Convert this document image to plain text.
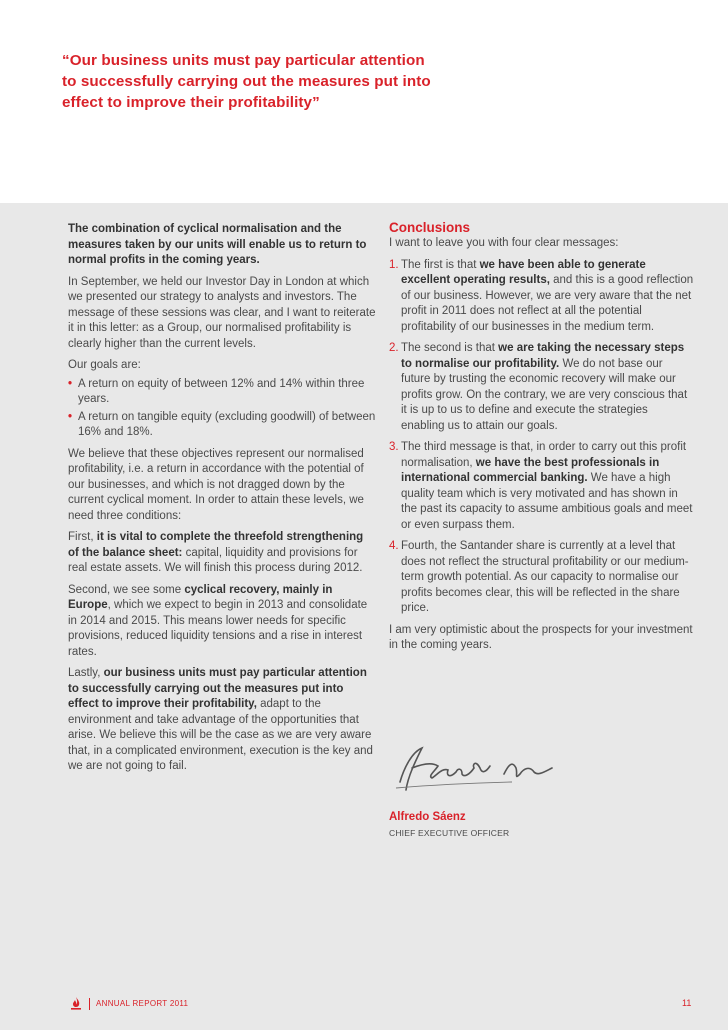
“Our business units must pay particular attention
to successfully carrying out the measures put into
effect to improve their profitability”

The combination of cyclical normalisation and the measures taken by our units will enable us to return to normal profits in the coming years.

In September, we held our Investor Day in London at which we presented our strategy to analysts and investors. The message of these sessions was clear, and I want to reiterate it in this letter: as a Group, our normalised profitability is clearly higher than the current levels.

Our goals are:

• A return on equity of between 12% and 14% within three years.
• A return on tangible equity (excluding goodwill) of between 16% and 18%.

We believe that these objectives represent our normalised profitability, i.e. a return in accordance with the potential of our businesses, and which is not dragged down by the current cyclical moment. In order to attain these levels, we need three conditions:

First, it is vital to complete the threefold strengthening of the balance sheet: capital, liquidity and provisions for real estate assets. We will finish this process during 2012.

Second, we see some cyclical recovery, mainly in Europe, which we expect to begin in 2013 and consolidate in 2014 and 2015. This means lower needs for specific provisions, reduced liquidity tensions and a rise in interest rates.

Lastly, our business units must pay particular attention to successfully carrying out the measures put into effect to improve their profitability, adapt to the environment and take advantage of the opportunities that arise. We believe this will be the case as we are very aware that, in a complicated environment, execution is the key and we are not going to fail.

Conclusions

I want to leave you with four clear messages:

1. The first is that we have been able to generate excellent operating results, and this is a good reflection of our business. However, we are very aware that the net profit in 2011 does not reflect at all the potential profitability of our businesses in the medium term.
2. The second is that we are taking the necessary steps to normalise our profitability. We do not base our future by trusting the economic recovery will make our profits grow. On the contrary, we are very conscious that it is up to us to define and execute the strategies enabling us to attain our goals.
3. The third message is that, in order to carry out this profit normalisation, we have the best professionals in international commercial banking. We have a high quality team which is very motivated and has shown in the past its capacity to assume ambitious goals and meet or even surpass them.
4. Fourth, the Santander share is currently at a level that does not reflect the structural profitability or our medium-term growth potential. As our capacity to normalise our profits becomes clear, this will be reflected in the share price.

I am very optimistic about the prospects for your investment in the coming years.

Alfredo Sáenz
CHIEF EXECUTIVE OFFICER
ANNUAL REPORT 2011	11
